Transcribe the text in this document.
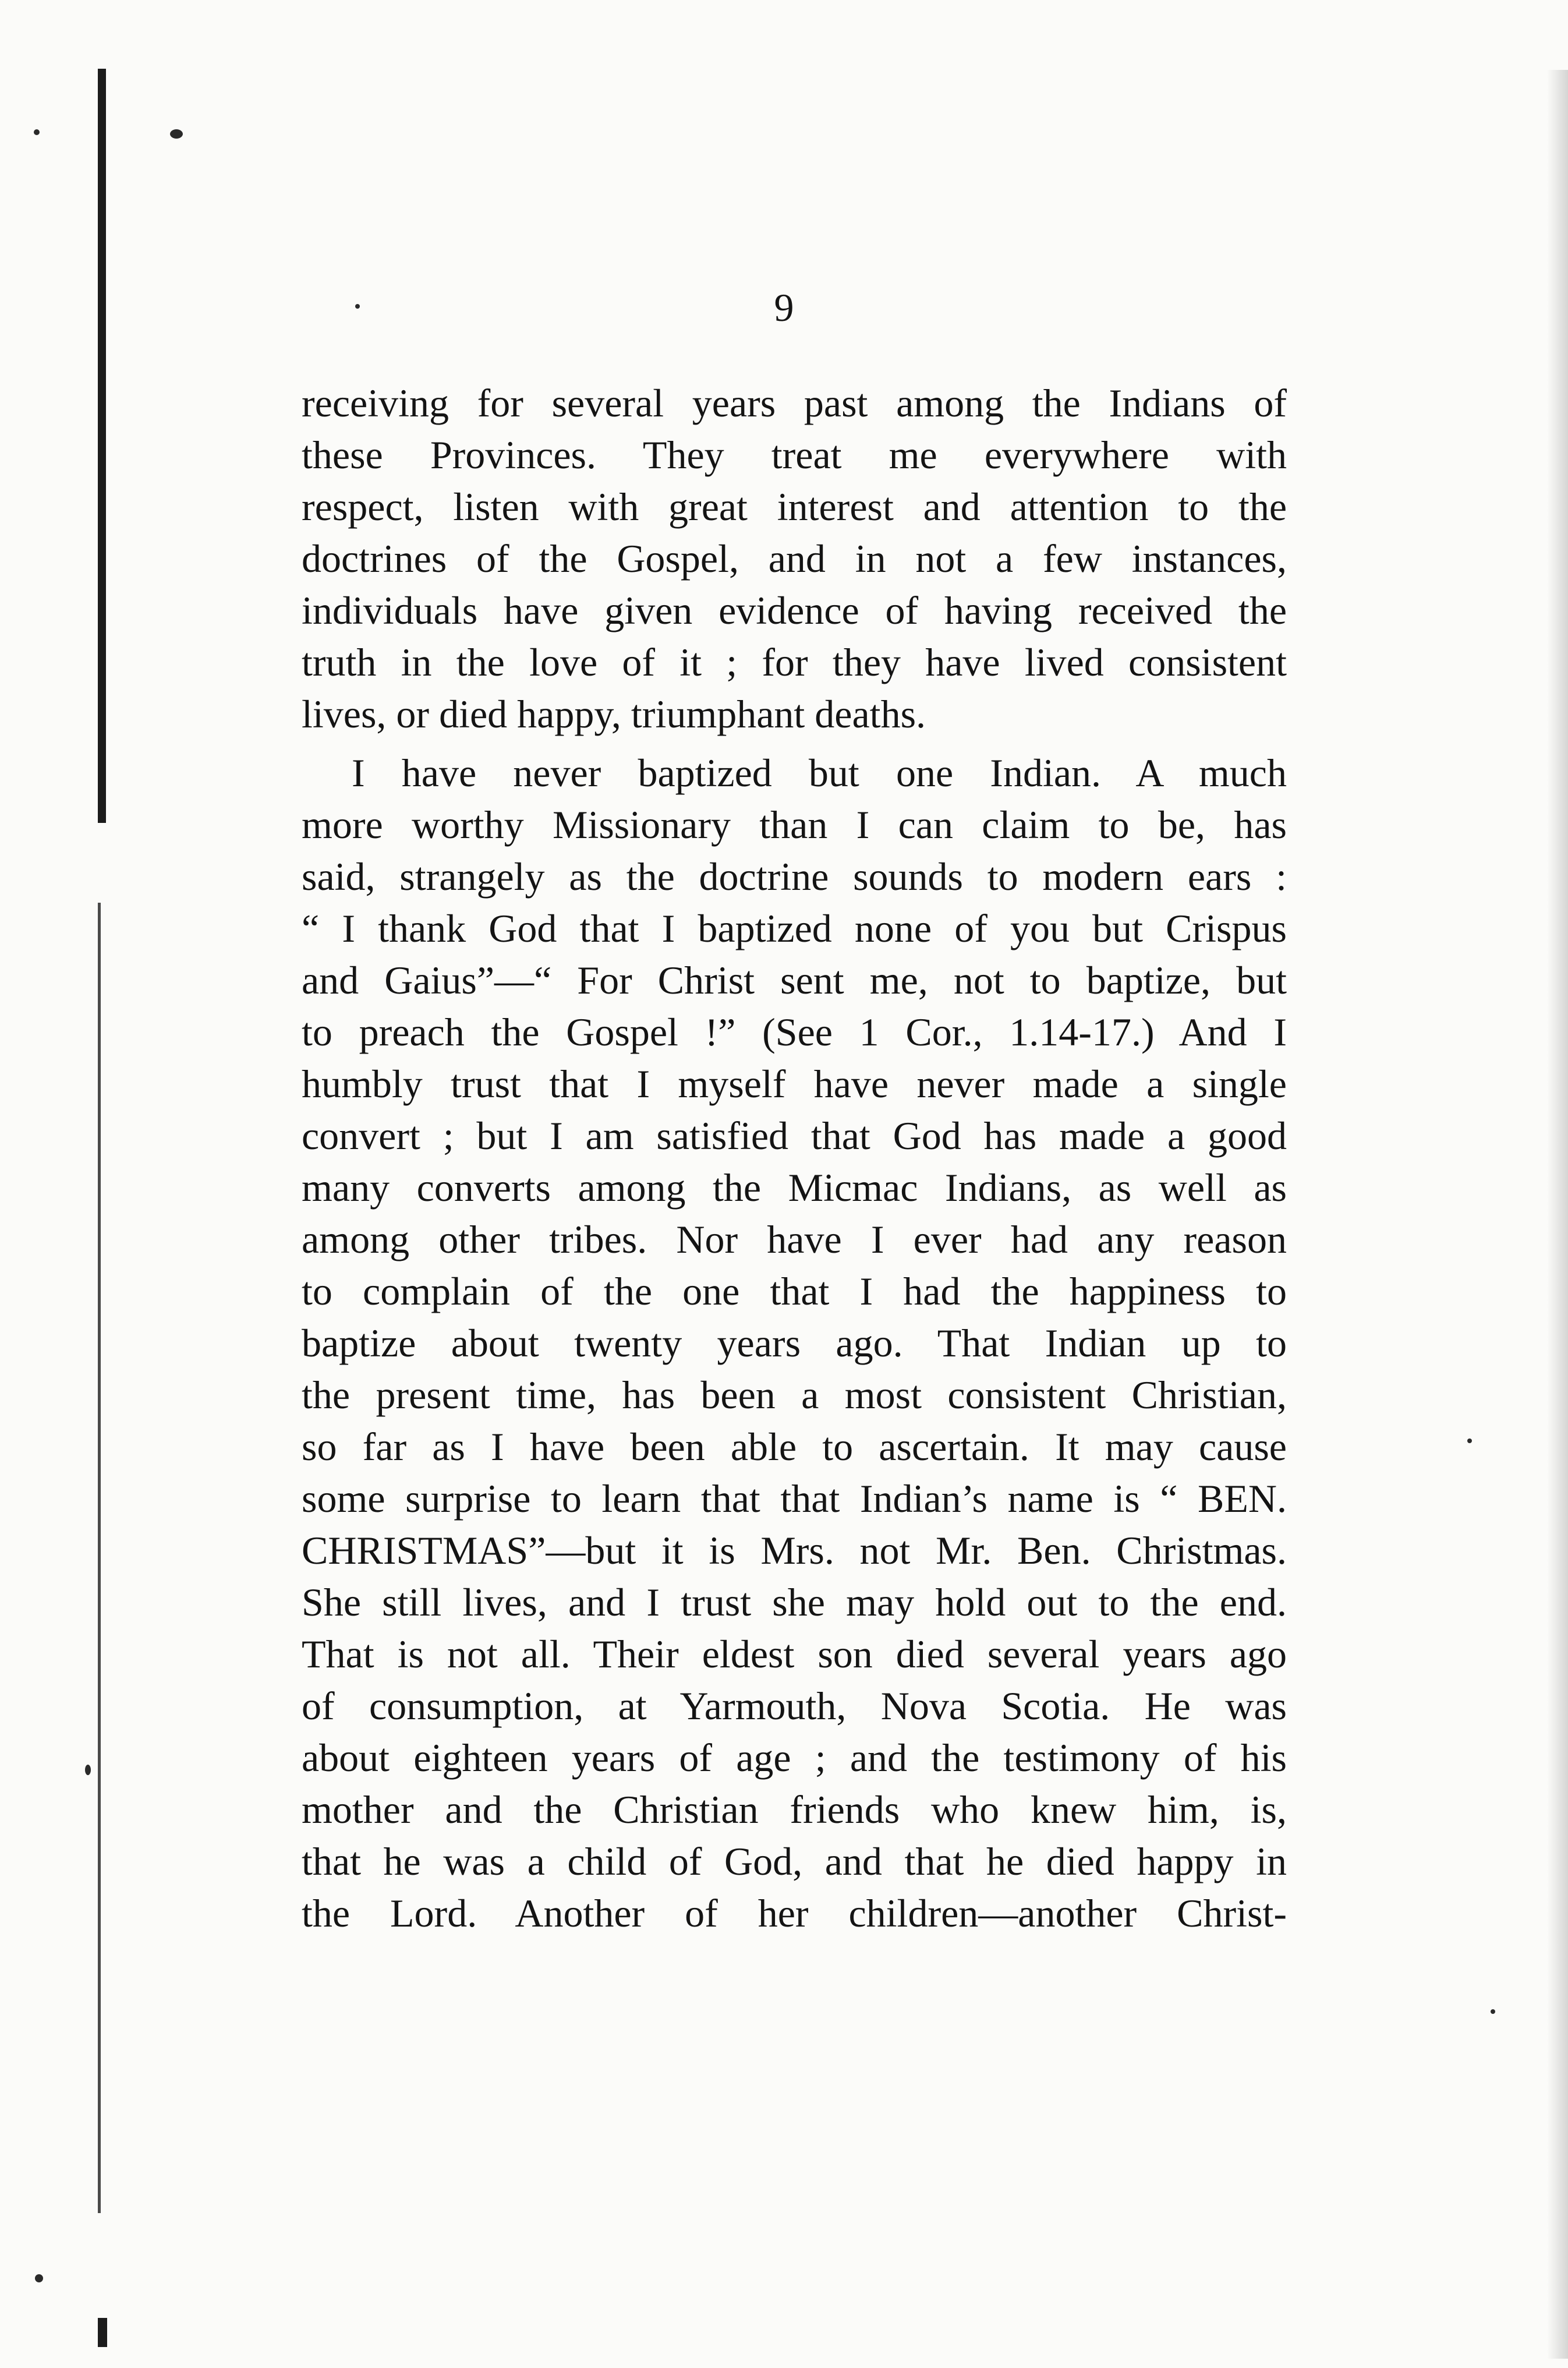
9
receiving for several years past among the Indians of
these Provinces. They treat me everywhere with
respect, listen with great interest and attention to the
doctrines of the Gospel, and in not a few instances,
individuals have given evidence of having received the
truth in the love of it ; for they have lived consistent
lives, or died happy, triumphant deaths.
I have never baptized but one Indian. A much
more worthy Missionary than I can claim to be, has
said, strangely as the doctrine sounds to modern ears :
“ I thank God that I baptized none of you but Crispus
and Gaius”—“ For Christ sent me, not to baptize, but
to preach the Gospel !” (See 1 Cor., 1.14-17.) And I
humbly trust that I myself have never made a single
convert ; but I am satisfied that God has made a good
many converts among the Micmac Indians, as well as
among other tribes. Nor have I ever had any reason
to complain of the one that I had the happiness to
baptize about twenty years ago. That Indian up to
the present time, has been a most consistent Christian,
so far as I have been able to ascertain. It may cause
some surprise to learn that that Indian’s name is “ BEN.
CHRISTMAS”—but it is Mrs. not Mr. Ben. Christmas.
She still lives, and I trust she may hold out to the end.
That is not all. Their eldest son died several years ago
of consumption, at Yarmouth, Nova Scotia. He was
about eighteen years of age ; and the testimony of his
mother and the Christian friends who knew him, is,
that he was a child of God, and that he died happy in
the Lord. Another of her children—another Christ-
